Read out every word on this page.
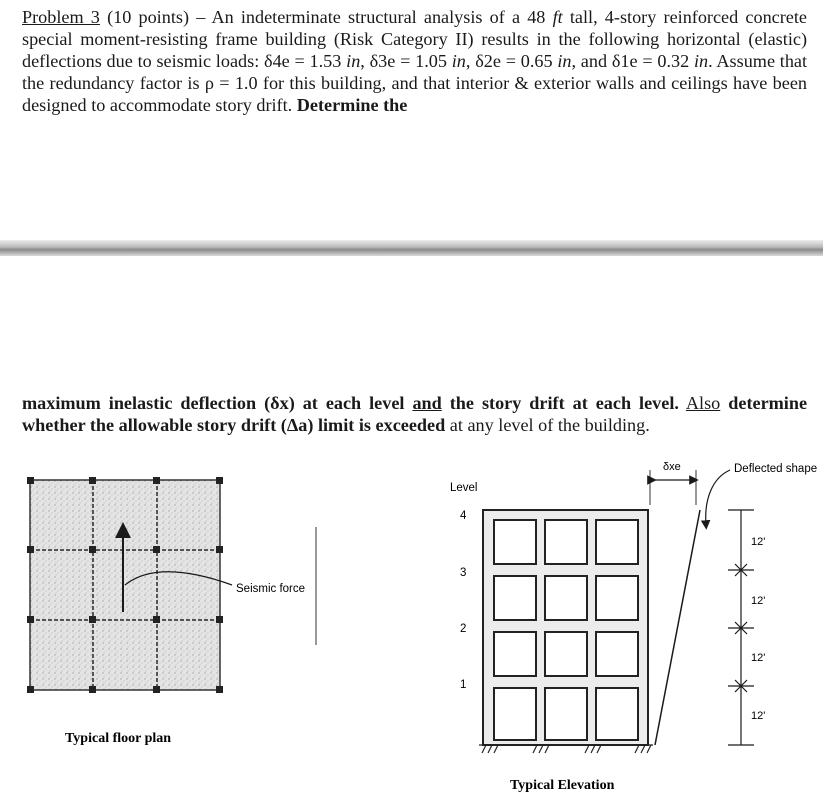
Problem 3 (10 points) – An indeterminate structural analysis of a 48 ft tall, 4-story reinforced concrete special moment-resisting frame building (Risk Category II) results in the following horizontal (elastic) deflections due to seismic loads: δ4e = 1.53 in, δ3e = 1.05 in, δ2e = 0.65 in, and δ1e = 0.32 in. Assume that the redundancy factor is ρ = 1.0 for this building, and that interior & exterior walls and ceilings have been designed to accommodate story drift. Determine the
maximum inelastic deflection (δx) at each level and the story drift at each level. Also determine whether the allowable story drift (Δa) limit is exceeded at any level of the building.
Seismic force
Typical floor plan
Level
4
3
2
1
δxe	Deflected shape
12'
12'
12'
12'
Typical Elevation
